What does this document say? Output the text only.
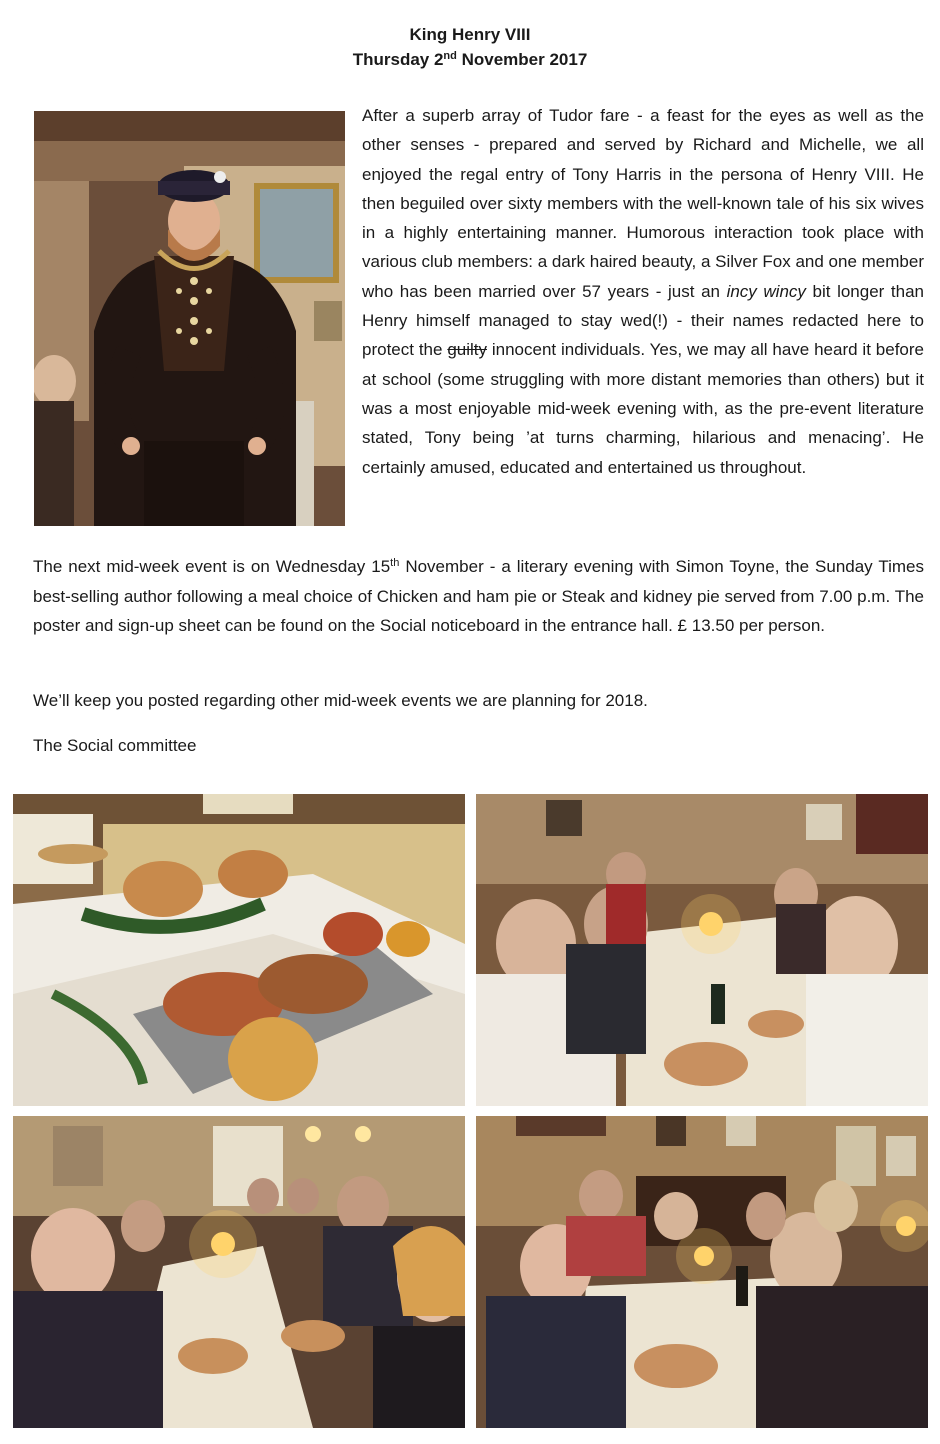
King Henry VIII
Thursday 2nd November 2017
After a superb array of Tudor fare - a feast for the eyes as well as the other senses - prepared and served by Richard and Michelle, we all enjoyed the regal entry of Tony Harris in the persona of Henry VIII. He then beguiled over sixty members with the well-known tale of his six wives in a highly entertaining manner. Humorous interaction took place with various club members: a dark haired beauty, a Silver Fox and one member who has been married over 57 years - just an incy wincy bit longer than Henry himself managed to stay wed(!) - their names redacted here to protect the guilty innocent individuals. Yes, we may all have heard it before at school (some struggling with more distant memories than others) but it was a most enjoyable mid-week evening with, as the pre-event literature stated, Tony being ’at turns charming, hilarious and menacing’. He certainly amused, educated and entertained us throughout.
The next mid-week event is on Wednesday 15th November - a literary evening with Simon Toyne, the Sunday Times best-selling author following a meal choice of Chicken and ham pie or Steak and kidney pie served from 7.00 p.m. The poster and sign-up sheet can be found on the Social noticeboard in the entrance hall. £ 13.50 per person.
We’ll keep you posted regarding other mid-week events we are planning for 2018.
The Social committee
